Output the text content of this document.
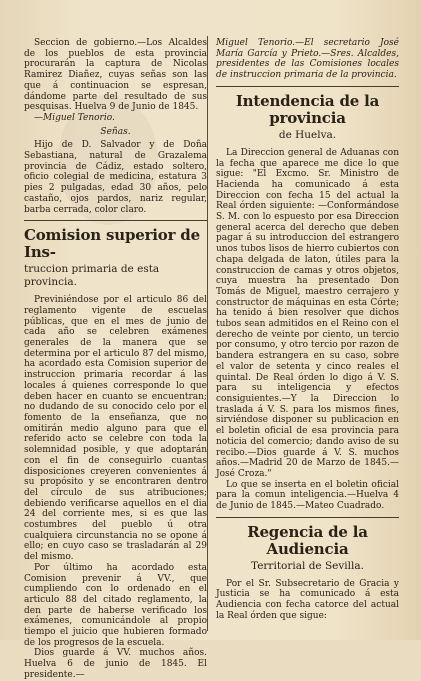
Seccion de gobierno.—Los Alcaldes de los pueblos de esta provincia procurarán la captura de Nicolas Ramirez Diañez, cuyas señas son las que á continuacion se espresan, dándome parte del resultado de sus pesquisas. Huelva 9 de Junio de 1845.

—Miguel Tenorio.

Señas.

Hijo de D. Salvador y de Doña Sebastiana, natural de Grazalema provincia de Cádiz, estado soltero, oficio colegial de medicina, estatura 3 pies 2 pulgadas, edad 30 años, pelo castaño, ojos pardos, nariz regular, barba cerrada, color claro.

Comision superior de Ins-
truccion primaria de esta provincia.

Previniéndose por el articulo 86 del reglamento vigente de escuelas públicas, que en el mes de junio de cada año se celebren exámenes generales de la manera que se determina por el articulo 87 del mismo, ha acordado esta Comision superior de instruccion primaria recordar á las locales á quienes corresponde lo que deben hacer en cuanto se encuentran; no dudando de su conocido celo por el fomento de la enseñanza, que no omitirán medio alguno para que el referido acto se celebre con toda la solemnidad posible, y que adoptarán con el fin de conseguirlo cuantas disposiciones creyeren convenientes á su propósito y se encontraren dentro del círculo de sus atribuciones; debiendo verificarse aquellos en el dia 24 del corriente mes, si es que las costumbres del pueblo ú otra cualquiera circunstancia no se opone á ello; en cuyo caso se trasladarán al 29 del mismo.

Por último ha acordado esta Comision prevenir á VV., que cumpliendo con lo ordenado en el articulo 88 del citado reglamento, la den parte de haberse verificado los exámenes, comunicándole al propio tiempo el juicio que hubieren formado de los progresos de la escuela.

Dios guarde á VV. muchos años. Huelva 6 de junio de 1845. El presidente.—

Miguel Tenorio.—El secretario José María García y Prieto.—Sres. Alcaldes, presidentes de las Comisiones locales de instruccion primaria de la provincia.

Intendencia de la provincia
de Huelva.

La Direccion general de Aduanas con la fecha que aparece me dice lo que sigue: "El Excmo. Sr. Ministro de Hacienda ha comunicado á esta Direccion con fecha 15 del actual la Real órden siguiente: —Conformándose S. M. con lo espuesto por esa Direccion general acerca del derecho que deben pagar á su introduccion del estrangero unos tubos lisos de hierro cubiertos con chapa delgada de laton, útiles para la construccion de camas y otros objetos, cuya muestra ha presentado Don Tomás de Miguel, maestro cerrajero y constructor de máquinas en esta Córte; ha tenido á bien resolver que dichos tubos sean admitidos en el Reino con el derecho de veinte por ciento, un tercio por consumo, y otro tercio por razon de bandera estrangera en su caso, sobre el valor de setenta y cinco reales el quintal. De Real órden lo digo á V. S. para su inteligencia y efectos consiguientes.—Y la Direccion lo traslada á V. S. para los mismos fines, sirviéndose disponer su publicacion en el boletin oficial de esa provincia para noticia del comercio; dando aviso de su recibo.—Dios guarde á V. S. muchos años.—Madrid 20 de Marzo de 1845.—José Croza."

Lo que se inserta en el boletin oficial para la comun inteligencia.—Huelva 4 de Junio de 1845.—Mateo Cuadrado.

Regencia de la Audiencia
Territorial de Sevilla.

Por el Sr. Subsecretario de Gracia y Justicia se ha comunicado á esta Audiencia con fecha catorce del actual la Real órden que sigue:
